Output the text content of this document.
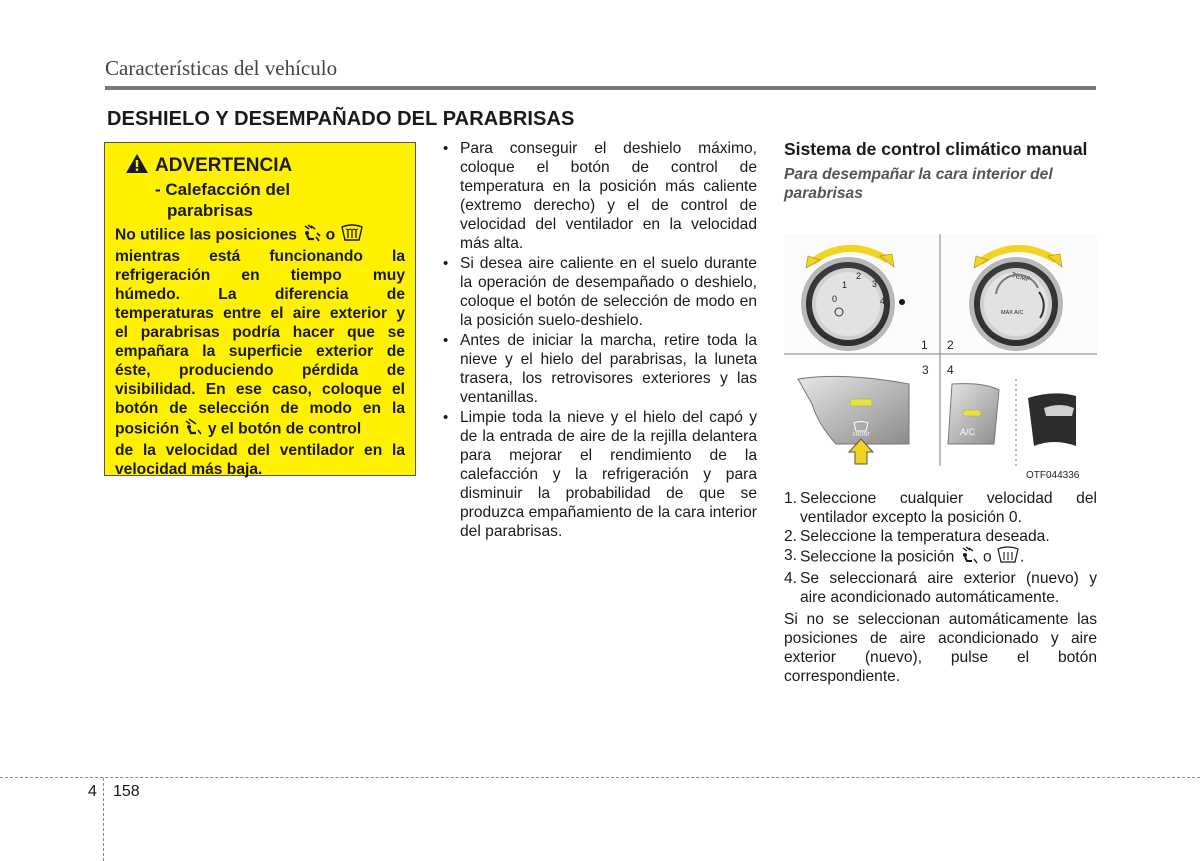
Características del vehículo
DESHIELO Y DESEMPAÑADO DEL PARABRISAS
ADVERTENCIA
- Calefacción del
parabrisas
No utilice las posiciones o
mientras está funcionando la
refrigeración en tiempo muy
húmedo. La diferencia de
temperaturas entre el aire exterior y
el parabrisas podría hacer que se
empañara la superficie exterior de
éste, produciendo pérdida de
visibilidad. En ese caso, coloque el
botón de selección de modo en la
posición y el botón de control
de la velocidad del ventilador en la
velocidad más baja.
• Para conseguir el deshielo máximo, coloque el botón de control de temperatura en la posición más caliente (extremo derecho) y el de control de velocidad del ventilador en la velocidad más alta.
• Si desea aire caliente en el suelo durante la operación de desempañado o deshielo, coloque el botón de selección de modo en la posición suelo-deshielo.
• Antes de iniciar la marcha, retire toda la nieve y el hielo del parabrisas, la luneta trasera, los retrovisores exteriores y las ventanillas.
• Limpie toda la nieve y el hielo del capó y de la entrada de aire de la rejilla delantera para mejorar el rendimiento de la calefacción y la refrigeración y para disminuir la probabilidad de que se produzca empañamiento de la cara interior del parabrisas.
Sistema de control climático manual
Para desempañar la cara interior del parabrisas
1
2
3
4
0
TEMP
MAX A/C
1 2
3 4
FRONT	A/C
OTF044336
1. Seleccione cualquier velocidad del ventilador excepto la posición 0.
2. Seleccione la temperatura deseada.
3. Seleccione la posición o .
4. Se seleccionará aire exterior (nuevo) y aire acondicionado automáticamente.
Si no se seleccionan automáticamente las posiciones de aire acondicionado y aire exterior (nuevo), pulse el botón correspondiente.
4 158
